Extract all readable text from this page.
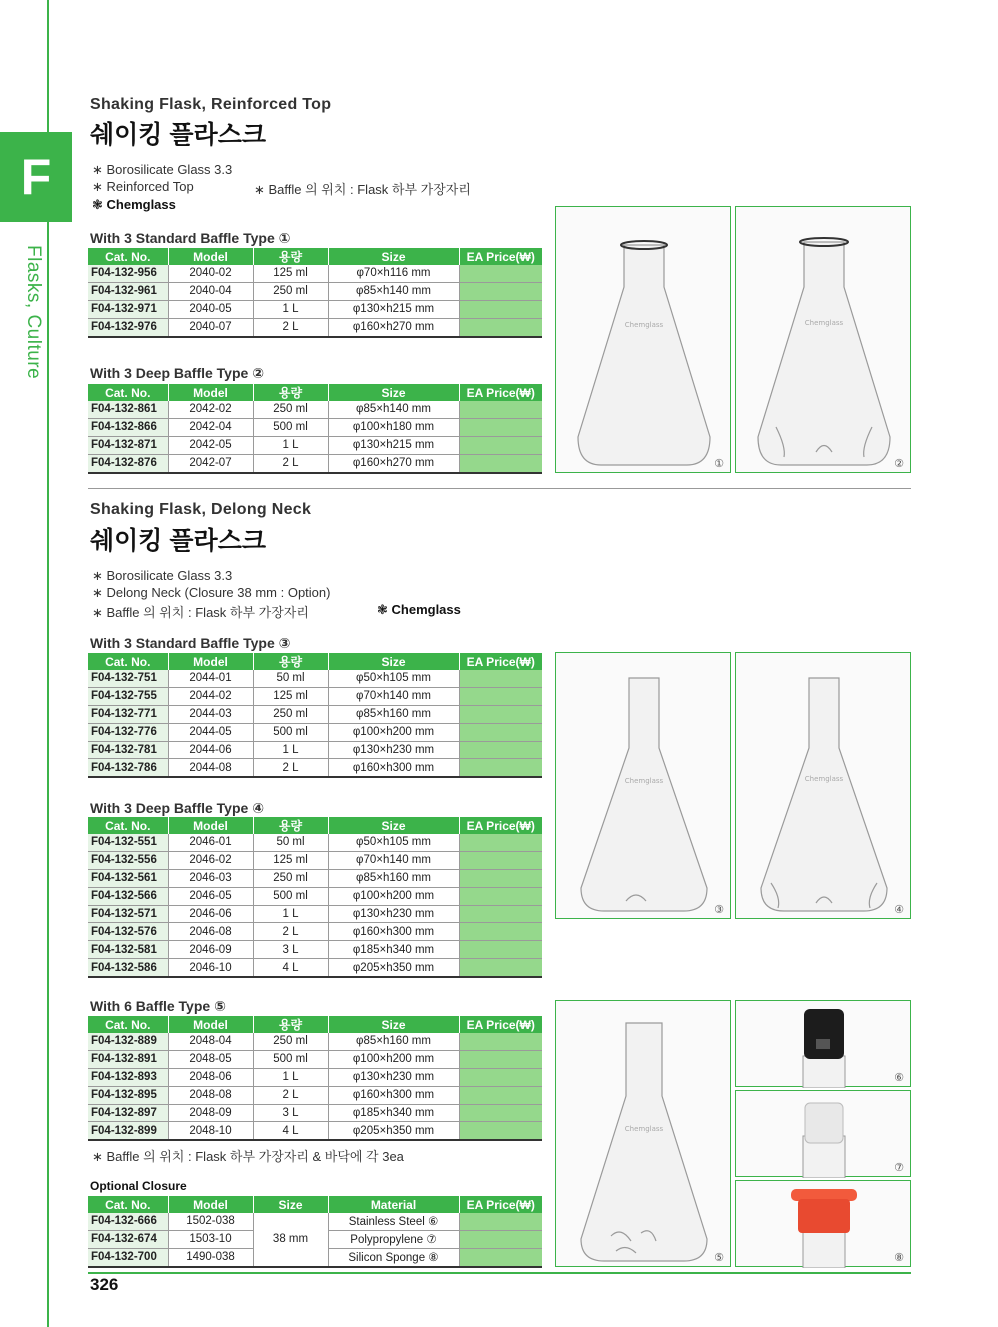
F
Flasks, Culture
Shaking Flask, Reinforced Top
쉐이킹 플라스크
∗ Borosilicate Glass 3.3
∗ Reinforced Top	∗ Baffle 의 위치 : Flask 하부 가장자리
❃ Chemglass
With 3 Standard Baffle Type ①
Cat. No.	Model	용량	Size	EA Price(₩)
F04-132-956	2040-02	125 ml	φ70×h116 mm	
F04-132-961	2040-04	250 ml	φ85×h140 mm	
F04-132-971	2040-05	1 L	φ130×h215 mm	
F04-132-976	2040-07	2 L	φ160×h270 mm	
With 3 Deep Baffle Type ②
Cat. No.	Model	용량	Size	EA Price(₩)
F04-132-861	2042-02	250 ml	φ85×h140 mm	
F04-132-866	2042-04	500 ml	φ100×h180 mm	
F04-132-871	2042-05	1 L	φ130×h215 mm	
F04-132-876	2042-07	2 L	φ160×h270 mm	
Chemglass
①
Chemglass
②
Shaking Flask, Delong Neck
쉐이킹 플라스크
∗ Borosilicate Glass 3.3
∗ Delong Neck (Closure 38 mm : Option)
∗ Baffle 의 위치 : Flask 하부 가장자리	❃ Chemglass
With 3 Standard Baffle Type ③
Cat. No.	Model	용량	Size	EA Price(₩)
F04-132-751	2044-01	50 ml	φ50×h105 mm	
F04-132-755	2044-02	125 ml	φ70×h140 mm	
F04-132-771	2044-03	250 ml	φ85×h160 mm	
F04-132-776	2044-05	500 ml	φ100×h200 mm	
F04-132-781	2044-06	1 L	φ130×h230 mm	
F04-132-786	2044-08	2 L	φ160×h300 mm	
With 3 Deep Baffle Type ④
Cat. No.	Model	용량	Size	EA Price(₩)
F04-132-551	2046-01	50 ml	φ50×h105 mm	
F04-132-556	2046-02	125 ml	φ70×h140 mm	
F04-132-561	2046-03	250 ml	φ85×h160 mm	
F04-132-566	2046-05	500 ml	φ100×h200 mm	
F04-132-571	2046-06	1 L	φ130×h230 mm	
F04-132-576	2046-08	2 L	φ160×h300 mm	
F04-132-581	2046-09	3 L	φ185×h340 mm	
F04-132-586	2046-10	4 L	φ205×h350 mm	
With 6 Baffle Type ⑤
Cat. No.	Model	용량	Size	EA Price(₩)
F04-132-889	2048-04	250 ml	φ85×h160 mm	
F04-132-891	2048-05	500 ml	φ100×h200 mm	
F04-132-893	2048-06	1 L	φ130×h230 mm	
F04-132-895	2048-08	2 L	φ160×h300 mm	
F04-132-897	2048-09	3 L	φ185×h340 mm	
F04-132-899	2048-10	4 L	φ205×h350 mm	
∗ Baffle 의 위치 : Flask 하부 가장자리 & 바닥에 각 3ea
Optional Closure
Cat. No.	Model	Size	Material	EA Price(₩)
F04-132-666	1502-038	38 mm	Stainless Steel ⑥	
F04-132-674	1503-10		Polypropylene ⑦	
F04-132-700	1490-038		Silicon Sponge ⑧	
Chemglass
③
Chemglass
④
Chemglass
⑤
⑥
⑦
⑧
326
